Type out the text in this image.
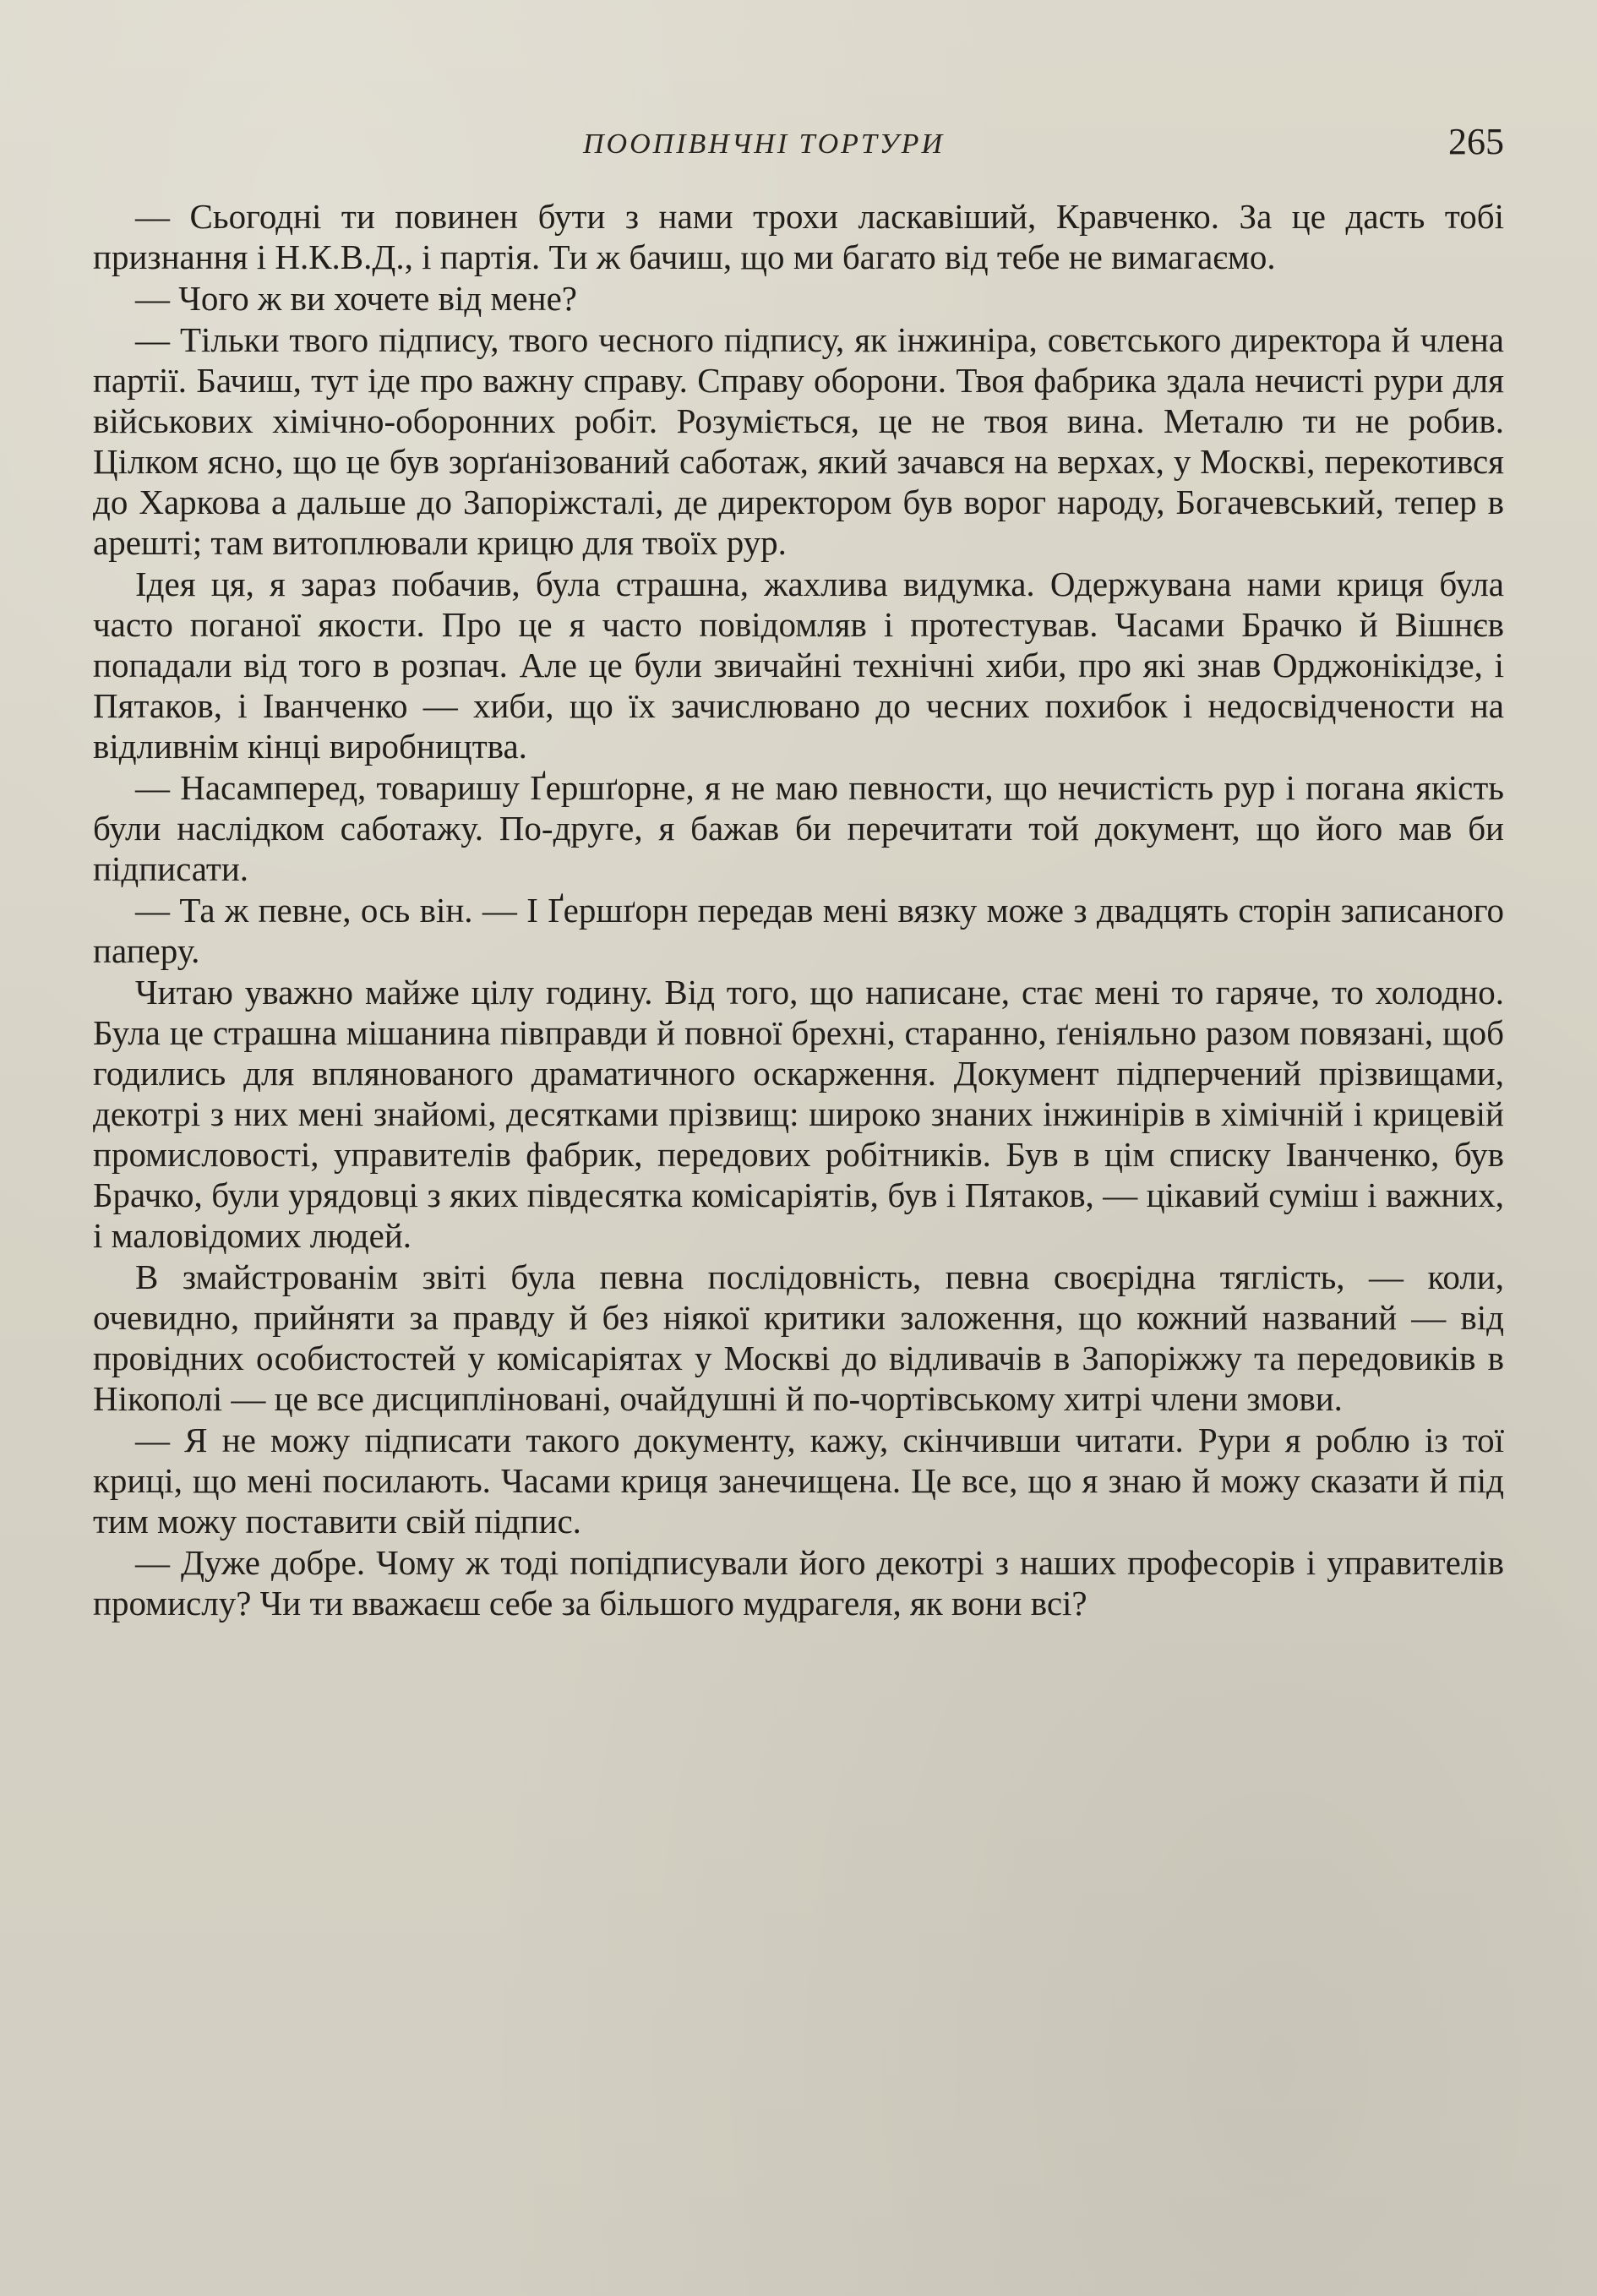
ПООПІВНЧНІ ТОРТУРИ	265

— Сьогодні ти повинен бути з нами трохи ласкавіший, Кравченко. За це дасть тобі признання і Н.К.В.Д., і партія. Ти ж бачиш, що ми багато від тебе не вимагаємо.

— Чого ж ви хочете від мене?

— Тільки твого підпису, твого чесного підпису, як інжиніра, совєтського директора й члена партії. Бачиш, тут іде про важну справу. Справу оборони. Твоя фабрика здала нечисті рури для військових хімічно-оборонних робіт. Розуміється, це не твоя вина. Металю ти не робив. Цілком ясно, що це був зорґанізований саботаж, який зачався на верхах, у Москві, перекотився до Харкова а дальше до Запоріжсталі, де директором був ворог народу, Богачевський, тепер в арешті; там витоплювали крицю для твоїх рур.

Ідея ця, я зараз побачив, була страшна, жахлива видумка. Одержувана нами криця була часто поганої якости. Про це я часто повідомляв і протестував. Часами Брачко й Вішнєв попадали від того в розпач. Але це були звичайні технічні хиби, про які знав Орджонікідзе, і Пятаков, і Іванченко — хиби, що їх зачислювано до чесних похибок і недосвідчености на відливнім кінці виробництва.

— Насамперед, товаришу Ґершґорне, я не маю певности, що нечистість рур і погана якість були наслідком саботажу. По-друге, я бажав би перечитати той документ, що його мав би підписати.

— Та ж певне, ось він. — І Ґершґорн передав мені вязку може з двадцять сторін записаного паперу.

Читаю уважно майже цілу годину. Від того, що написане, стає мені то гаряче, то холодно. Була це страшна мішанина півправди й повної брехні, старанно, ґеніяльно разом повязані, щоб годились для вплянованого драматичного оскарження. Документ підперчений прізвищами, декотрі з них мені знайомі, десятками прізвищ: широко знаних інжинірів в хімічній і крицевій промисловості, управителів фабрик, передових робітників. Був в цім списку Іванченко, був Брачко, були урядовці з яких півдесятка комісаріятів, був і Пятаков, — цікавий суміш і важних, і маловідомих людей.

В змайстрованім звіті була певна послідовність, певна своєрідна тяглість, — коли, очевидно, прийняти за правду й без ніякої критики заложення, що кожний названий — від провідних особистостей у комісаріятах у Москві до відливачів в Запоріжжу та передовиків в Нікополі — це все дисципліновані, очайдушні й по-чортівському хитрі члени змови.

— Я не можу підписати такого документу, кажу, скінчивши читати. Рури я роблю із тої криці, що мені посилають. Часами криця занечищена. Це все, що я знаю й можу сказати й під тим можу поставити свій підпис.

— Дуже добре. Чому ж тоді попідписували його декотрі з наших професорів і управителів промислу? Чи ти вважаєш себе за більшого мудрагеля, як вони всі?
